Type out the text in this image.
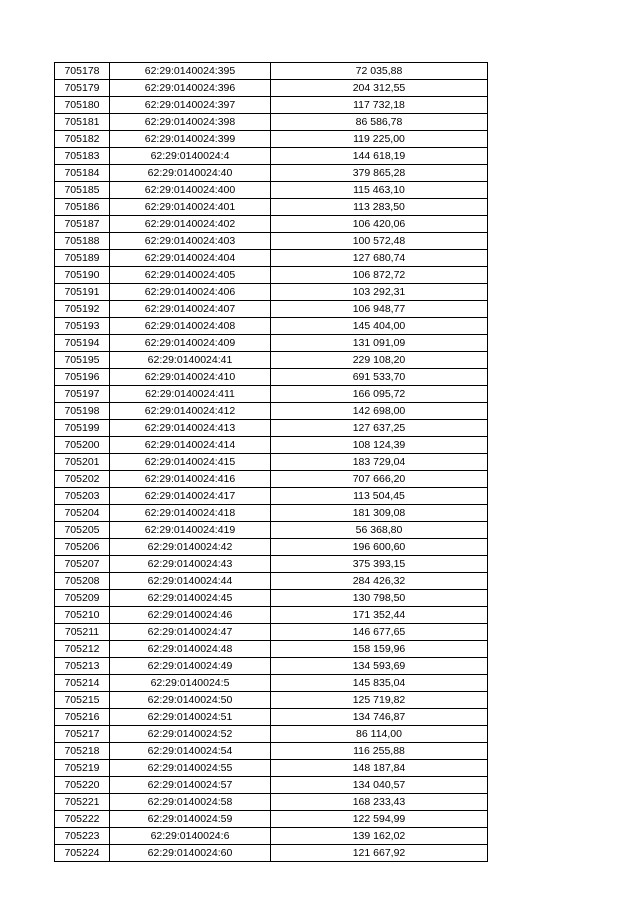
705178	62:29:0140024:395	72 035,88
705179	62:29:0140024:396	204 312,55
705180	62:29:0140024:397	117 732,18
705181	62:29:0140024:398	86 586,78
705182	62:29:0140024:399	119 225,00
705183	62:29:0140024:4	144 618,19
705184	62:29:0140024:40	379 865,28
705185	62:29:0140024:400	115 463,10
705186	62:29:0140024:401	113 283,50
705187	62:29:0140024:402	106 420,06
705188	62:29:0140024:403	100 572,48
705189	62:29:0140024:404	127 680,74
705190	62:29:0140024:405	106 872,72
705191	62:29:0140024:406	103 292,31
705192	62:29:0140024:407	106 948,77
705193	62:29:0140024:408	145 404,00
705194	62:29:0140024:409	131 091,09
705195	62:29:0140024:41	229 108,20
705196	62:29:0140024:410	691 533,70
705197	62:29:0140024:411	166 095,72
705198	62:29:0140024:412	142 698,00
705199	62:29:0140024:413	127 637,25
705200	62:29:0140024:414	108 124,39
705201	62:29:0140024:415	183 729,04
705202	62:29:0140024:416	707 666,20
705203	62:29:0140024:417	113 504,45
705204	62:29:0140024:418	181 309,08
705205	62:29:0140024:419	56 368,80
705206	62:29:0140024:42	196 600,60
705207	62:29:0140024:43	375 393,15
705208	62:29:0140024:44	284 426,32
705209	62:29:0140024:45	130 798,50
705210	62:29:0140024:46	171 352,44
705211	62:29:0140024:47	146 677,65
705212	62:29:0140024:48	158 159,96
705213	62:29:0140024:49	134 593,69
705214	62:29:0140024:5	145 835,04
705215	62:29:0140024:50	125 719,82
705216	62:29:0140024:51	134 746,87
705217	62:29:0140024:52	86 114,00
705218	62:29:0140024:54	116 255,88
705219	62:29:0140024:55	148 187,84
705220	62:29:0140024:57	134 040,57
705221	62:29:0140024:58	168 233,43
705222	62:29:0140024:59	122 594,99
705223	62:29:0140024:6	139 162,02
705224	62:29:0140024:60	121 667,92
